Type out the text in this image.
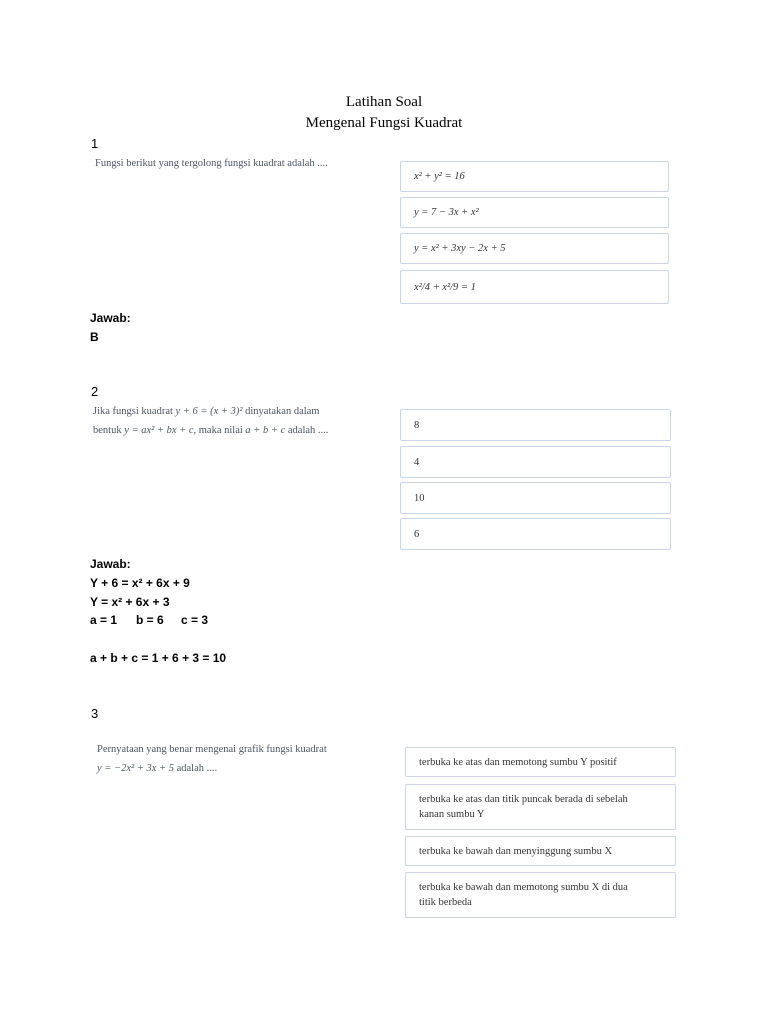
Latihan Soal
Mengenal Fungsi Kuadrat
1
Fungsi berikut yang tergolong fungsi kuadrat adalah ....
x² + y² = 16
y = 7 − 3x + x²
y = x² + 3xy − 2x + 5
x²/4 + x²/9 = 1
Jawab:
B
2
Jika fungsi kuadrat y + 6 = (x + 3)² dinyatakan dalam
bentuk y = ax² + bx + c, maka nilai a + b + c adalah ....	8
4
10
6
Jawab:
Y + 6 = x² + 6x + 9
Y = x² + 6x + 3
a = 1 b = 6 c = 3
a + b + c = 1 + 6 + 3 = 10
3
Pernyataan yang benar mengenai grafik fungsi kuadrat
y = −2x² + 3x + 5 adalah ....
terbuka ke atas dan memotong sumbu Y positif
terbuka ke atas dan titik puncak berada di sebelah
kanan sumbu Y
terbuka ke bawah dan menyinggung sumbu X
terbuka ke bawah dan memotong sumbu X di dua
titik berbeda
